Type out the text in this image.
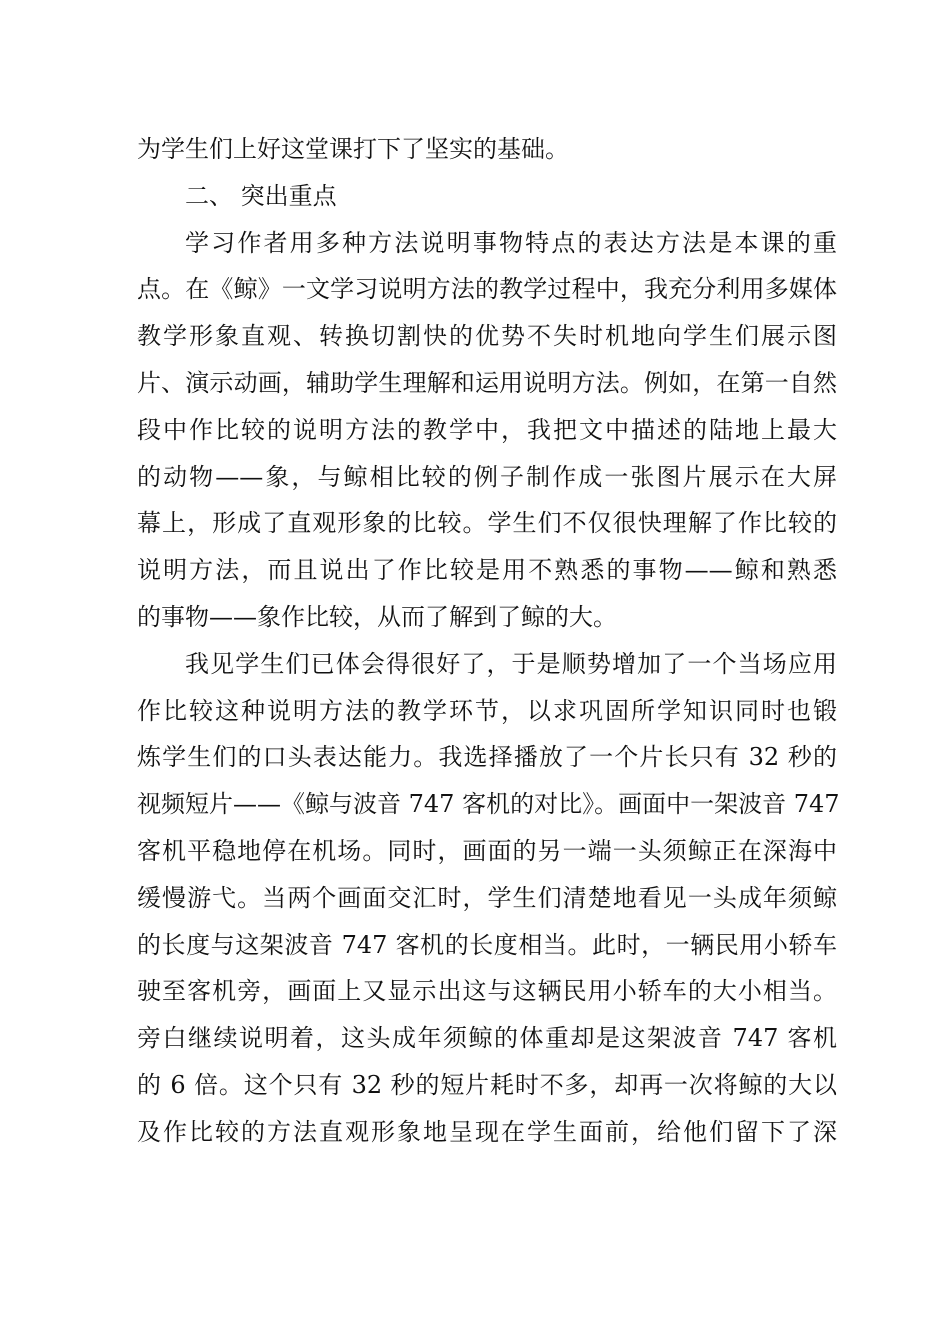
为学生们上好这堂课打下了坚实的基础。
二、 突出重点
学习作者用多种方法说明事物特点的表达方法是本课的重
点。在《鲸》一文学习说明方法的教学过程中，我充分利用多媒体
教学形象直观、转换切割快的优势不失时机地向学生们展示图
片、演示动画，辅助学生理解和运用说明方法。例如，在第一自然
段中作比较的说明方法的教学中，我把文中描述的陆地上最大
的动物——象，与鲸相比较的例子制作成一张图片展示在大屏
幕上，形成了直观形象的比较。学生们不仅很快理解了作比较的
说明方法，而且说出了作比较是用不熟悉的事物——鲸和熟悉
的事物——象作比较，从而了解到了鲸的大。
我见学生们已体会得很好了，于是顺势增加了一个当场应用
作比较这种说明方法的教学环节，以求巩固所学知识同时也锻
炼学生们的口头表达能力。我选择播放了一个片长只有 32 秒的
视频短片——《鲸与波音 747 客机的对比》。画面中一架波音 747
客机平稳地停在机场。同时，画面的另一端一头须鲸正在深海中
缓慢游弋。当两个画面交汇时，学生们清楚地看见一头成年须鲸
的长度与这架波音 747 客机的长度相当。此时，一辆民用小轿车
驶至客机旁，画面上又显示出这与这辆民用小轿车的大小相当。
旁白继续说明着，这头成年须鲸的体重却是这架波音 747 客机
的 6 倍。这个只有 32 秒的短片耗时不多，却再一次将鲸的大以
及作比较的方法直观形象地呈现在学生面前，给他们留下了深
